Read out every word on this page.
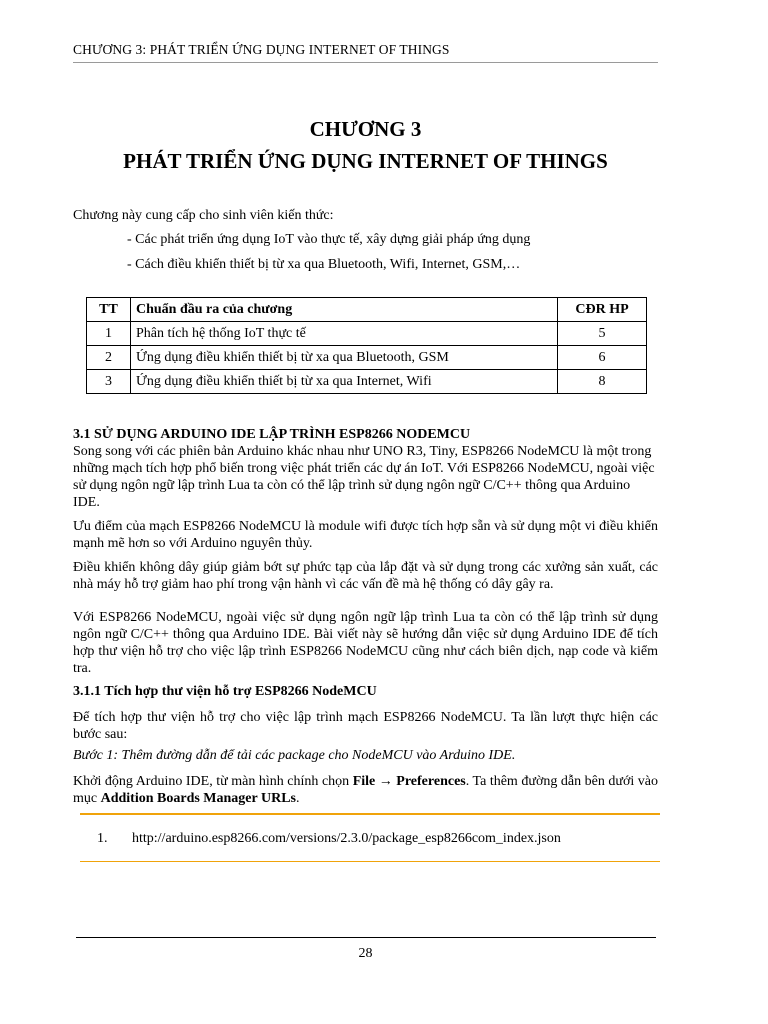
CHƯƠNG 3: PHÁT TRIỂN ỨNG DỤNG INTERNET OF THINGS
CHƯƠNG 3
PHÁT TRIỂN ỨNG DỤNG INTERNET OF THINGS
Chương này cung cấp cho sinh viên kiến thức:
- Các phát triển ứng dụng IoT vào thực tế, xây dựng giải pháp ứng dụng
- Cách điều khiển thiết bị từ xa qua Bluetooth, Wifi, Internet, GSM,…
TT	Chuẩn đầu ra của chương	CĐR HP
1	Phân tích hệ thống IoT thực tế	5
2	Ứng dụng điều khiển thiết bị từ xa qua Bluetooth, GSM	6
3	Ứng dụng điều khiển thiết bị từ xa qua Internet, Wifi	8
3.1 SỬ DỤNG ARDUINO IDE LẬP TRÌNH ESP8266 NODEMCU
Song song với các phiên bản Arduino khác nhau như UNO R3, Tiny, ESP8266 NodeMCU là một trong những mạch tích hợp phổ biến trong việc phát triển các dự án IoT. Với ESP8266 NodeMCU, ngoài việc sử dụng ngôn ngữ lập trình Lua ta còn có thể lập trình sử dụng ngôn ngữ C/C++ thông qua Arduino IDE.
Ưu điểm của mạch ESP8266 NodeMCU là module wifi được tích hợp sẵn và sử dụng một vi điều khiển mạnh mẽ hơn so với Arduino nguyên thủy.
Điều khiển không dây giúp giảm bớt sự phức tạp của lắp đặt và sử dụng trong các xưởng sản xuất, các nhà máy hỗ trợ giảm hao phí trong vận hành vì các vấn đề mà hệ thống có dây gây ra.
Với ESP8266 NodeMCU, ngoài việc sử dụng ngôn ngữ lập trình Lua ta còn có thể lập trình sử dụng ngôn ngữ C/C++ thông qua Arduino IDE. Bài viết này sẽ hướng dẫn việc sử dụng Arduino IDE để tích hợp thư viện hỗ trợ cho việc lập trình ESP8266 NodeMCU cũng như cách biên dịch, nạp code và kiểm tra.
3.1.1 Tích hợp thư viện hỗ trợ ESP8266 NodeMCU
Để tích hợp thư viện hỗ trợ cho việc lập trình mạch ESP8266 NodeMCU. Ta lần lượt thực hiện các bước sau:
Bước 1: Thêm đường dẫn để tải các package cho NodeMCU vào Arduino IDE.
Khởi động Arduino IDE, từ màn hình chính chọn File → Preferences. Ta thêm đường dẫn bên dưới vào mục Addition Boards Manager URLs.
1. http://arduino.esp8266.com/versions/2.3.0/package_esp8266com_index.json
28
